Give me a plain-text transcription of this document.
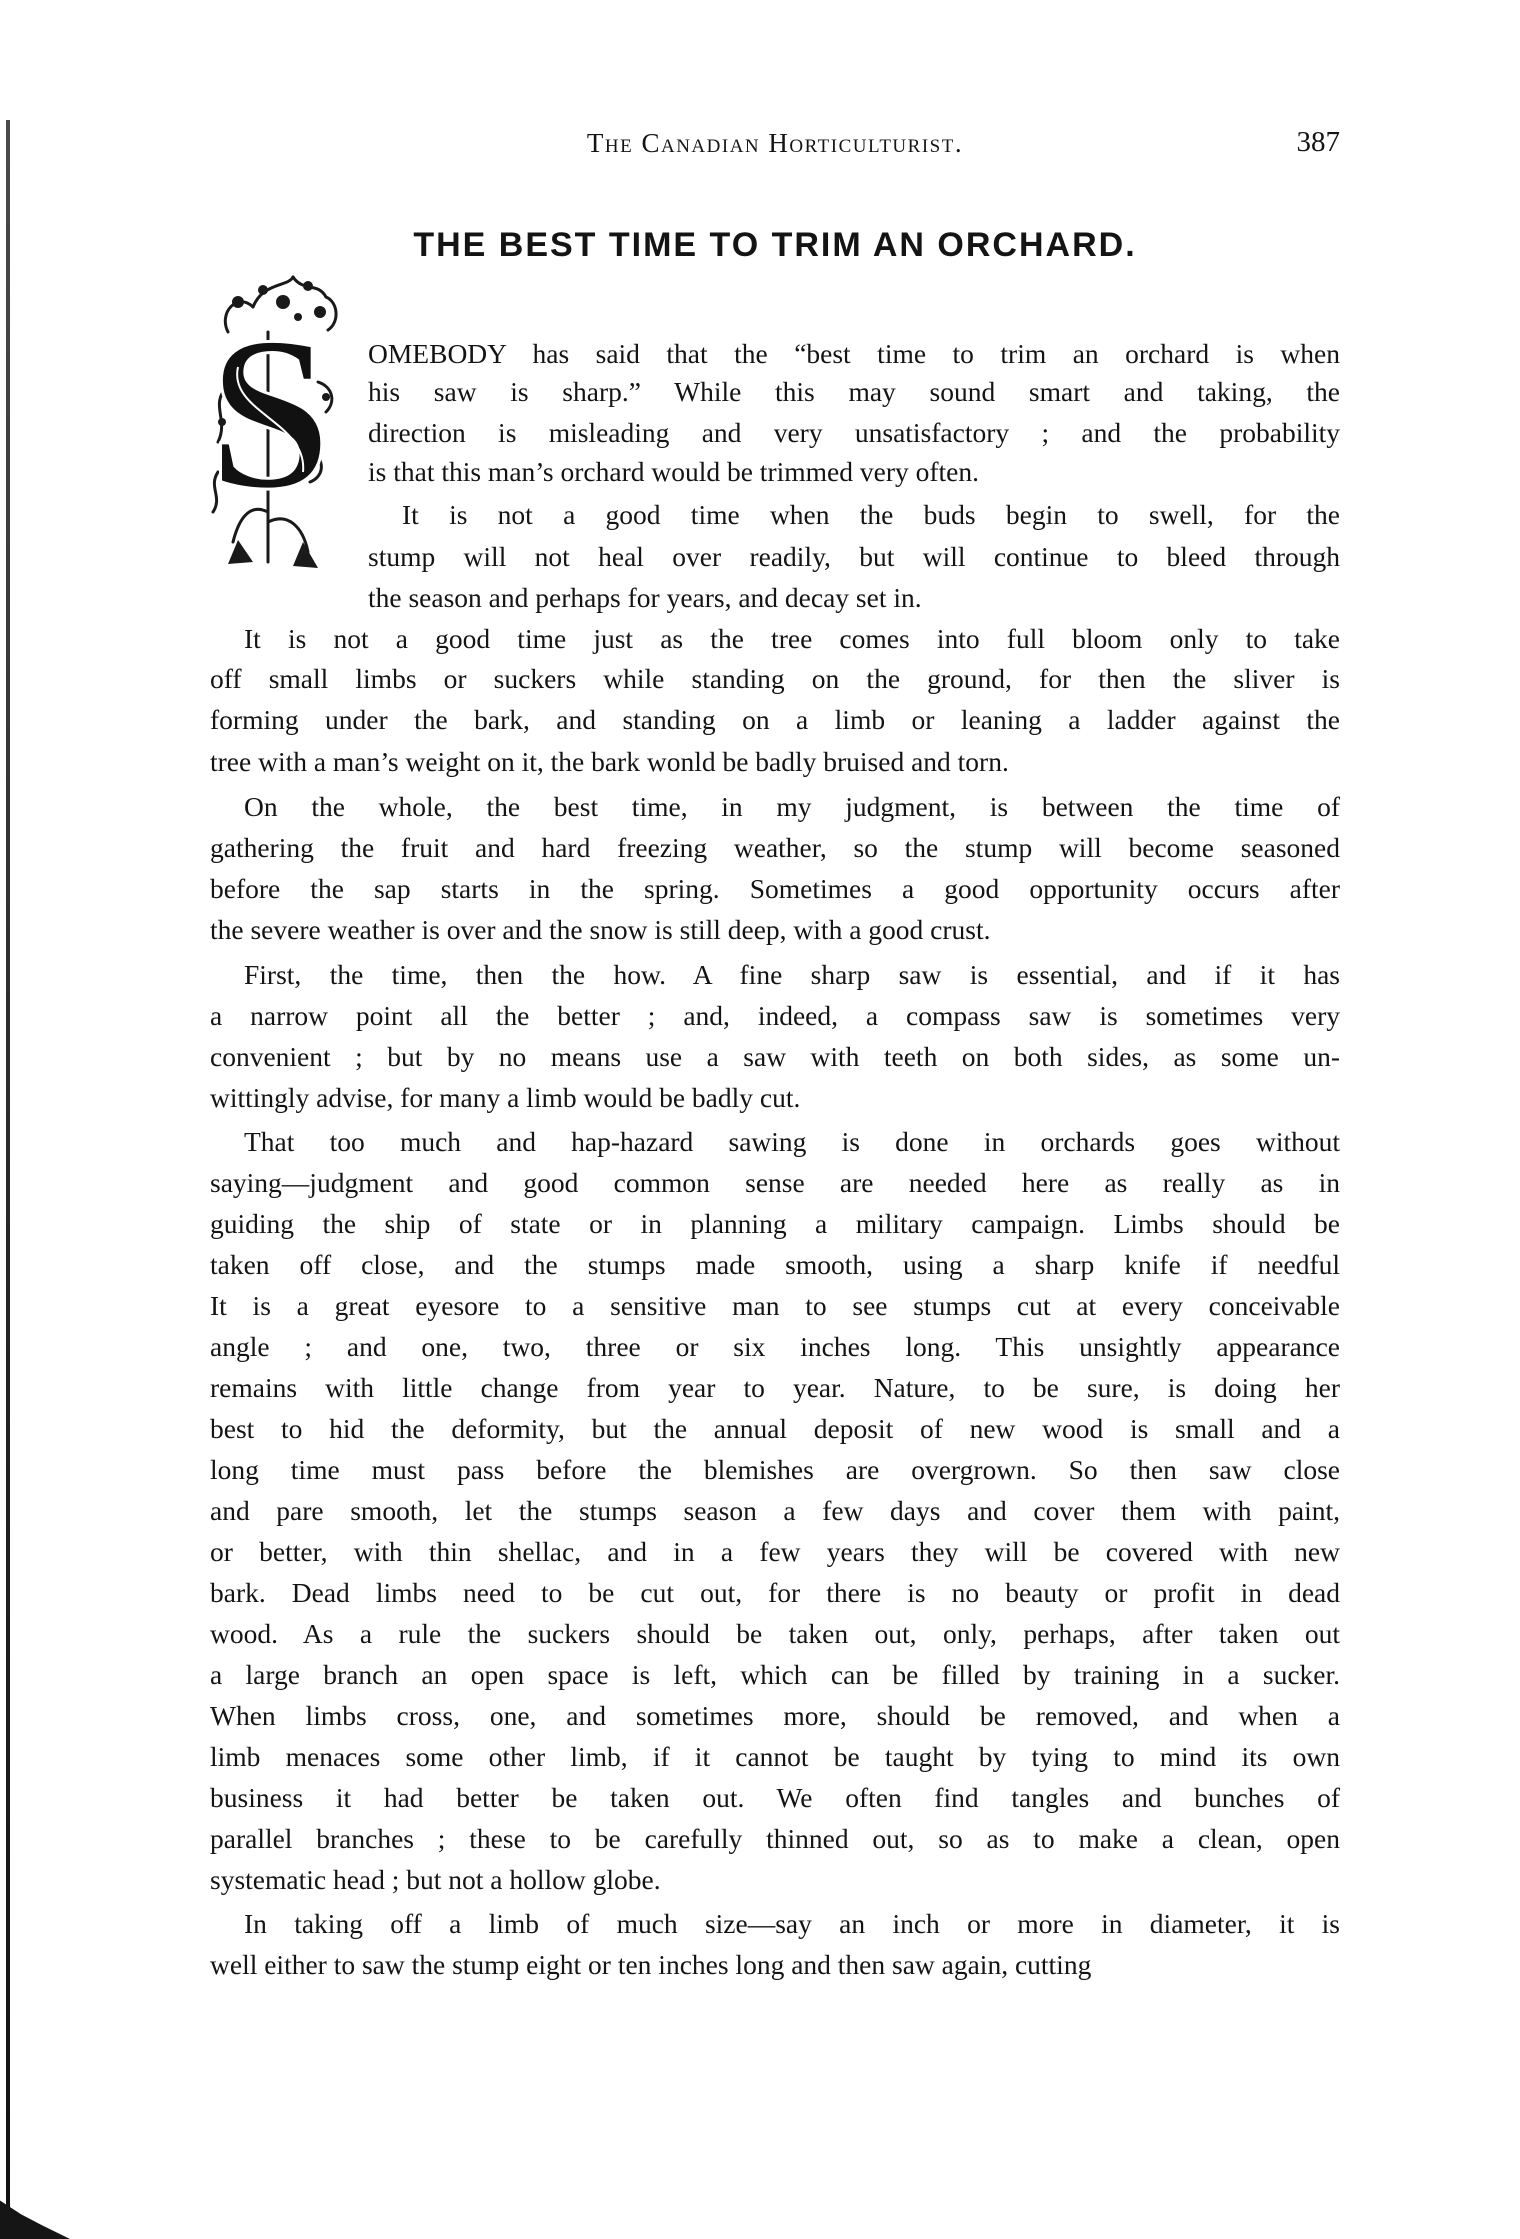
The Canadian Horticulturist.	387
THE BEST TIME TO TRIM AN ORCHARD.
S OMEBODY has said that the “best time to trim an orchard is when
his saw is sharp.” While this may sound smart and taking, the
direction is misleading and very unsatisfactory ; and the probability
is that this man’s orchard would be trimmed very often.
It is not a good time when the buds begin to swell, for the
stump will not heal over readily, but will continue to bleed through
the season and perhaps for years, and decay set in.
It is not a good time just as the tree comes into full bloom only to take
off small limbs or suckers while standing on the ground, for then the sliver is
forming under the bark, and standing on a limb or leaning a ladder against the
tree with a man’s weight on it, the bark wonld be badly bruised and torn.
On the whole, the best time, in my judgment, is between the time of
gathering the fruit and hard freezing weather, so the stump will become seasoned
before the sap starts in the spring. Sometimes a good opportunity occurs after
the severe weather is over and the snow is still deep, with a good crust.
First, the time, then the how. A fine sharp saw is essential, and if it has
a narrow point all the better ; and, indeed, a compass saw is sometimes very
convenient ; but by no means use a saw with teeth on both sides, as some un-
wittingly advise, for many a limb would be badly cut.
That too much and hap-hazard sawing is done in orchards goes without
saying—judgment and good common sense are needed here as really as in
guiding the ship of state or in planning a military campaign. Limbs should be
taken off close, and the stumps made smooth, using a sharp knife if needful
It is a great eyesore to a sensitive man to see stumps cut at every conceivable
angle ; and one, two, three or six inches long. This unsightly appearance
remains with little change from year to year. Nature, to be sure, is doing her
best to hid the deformity, but the annual deposit of new wood is small and a
long time must pass before the blemishes are overgrown. So then saw close
and pare smooth, let the stumps season a few days and cover them with paint,
or better, with thin shellac, and in a few years they will be covered with new
bark. Dead limbs need to be cut out, for there is no beauty or profit in dead
wood. As a rule the suckers should be taken out, only, perhaps, after taken out
a large branch an open space is left, which can be filled by training in a sucker.
When limbs cross, one, and sometimes more, should be removed, and when a
limb menaces some other limb, if it cannot be taught by tying to mind its own
business it had better be taken out. We often find tangles and bunches of
parallel branches ; these to be carefully thinned out, so as to make a clean, open
systematic head ; but not a hollow globe.
In taking off a limb of much size—say an inch or more in diameter, it is
well either to saw the stump eight or ten inches long and then saw again, cutting
